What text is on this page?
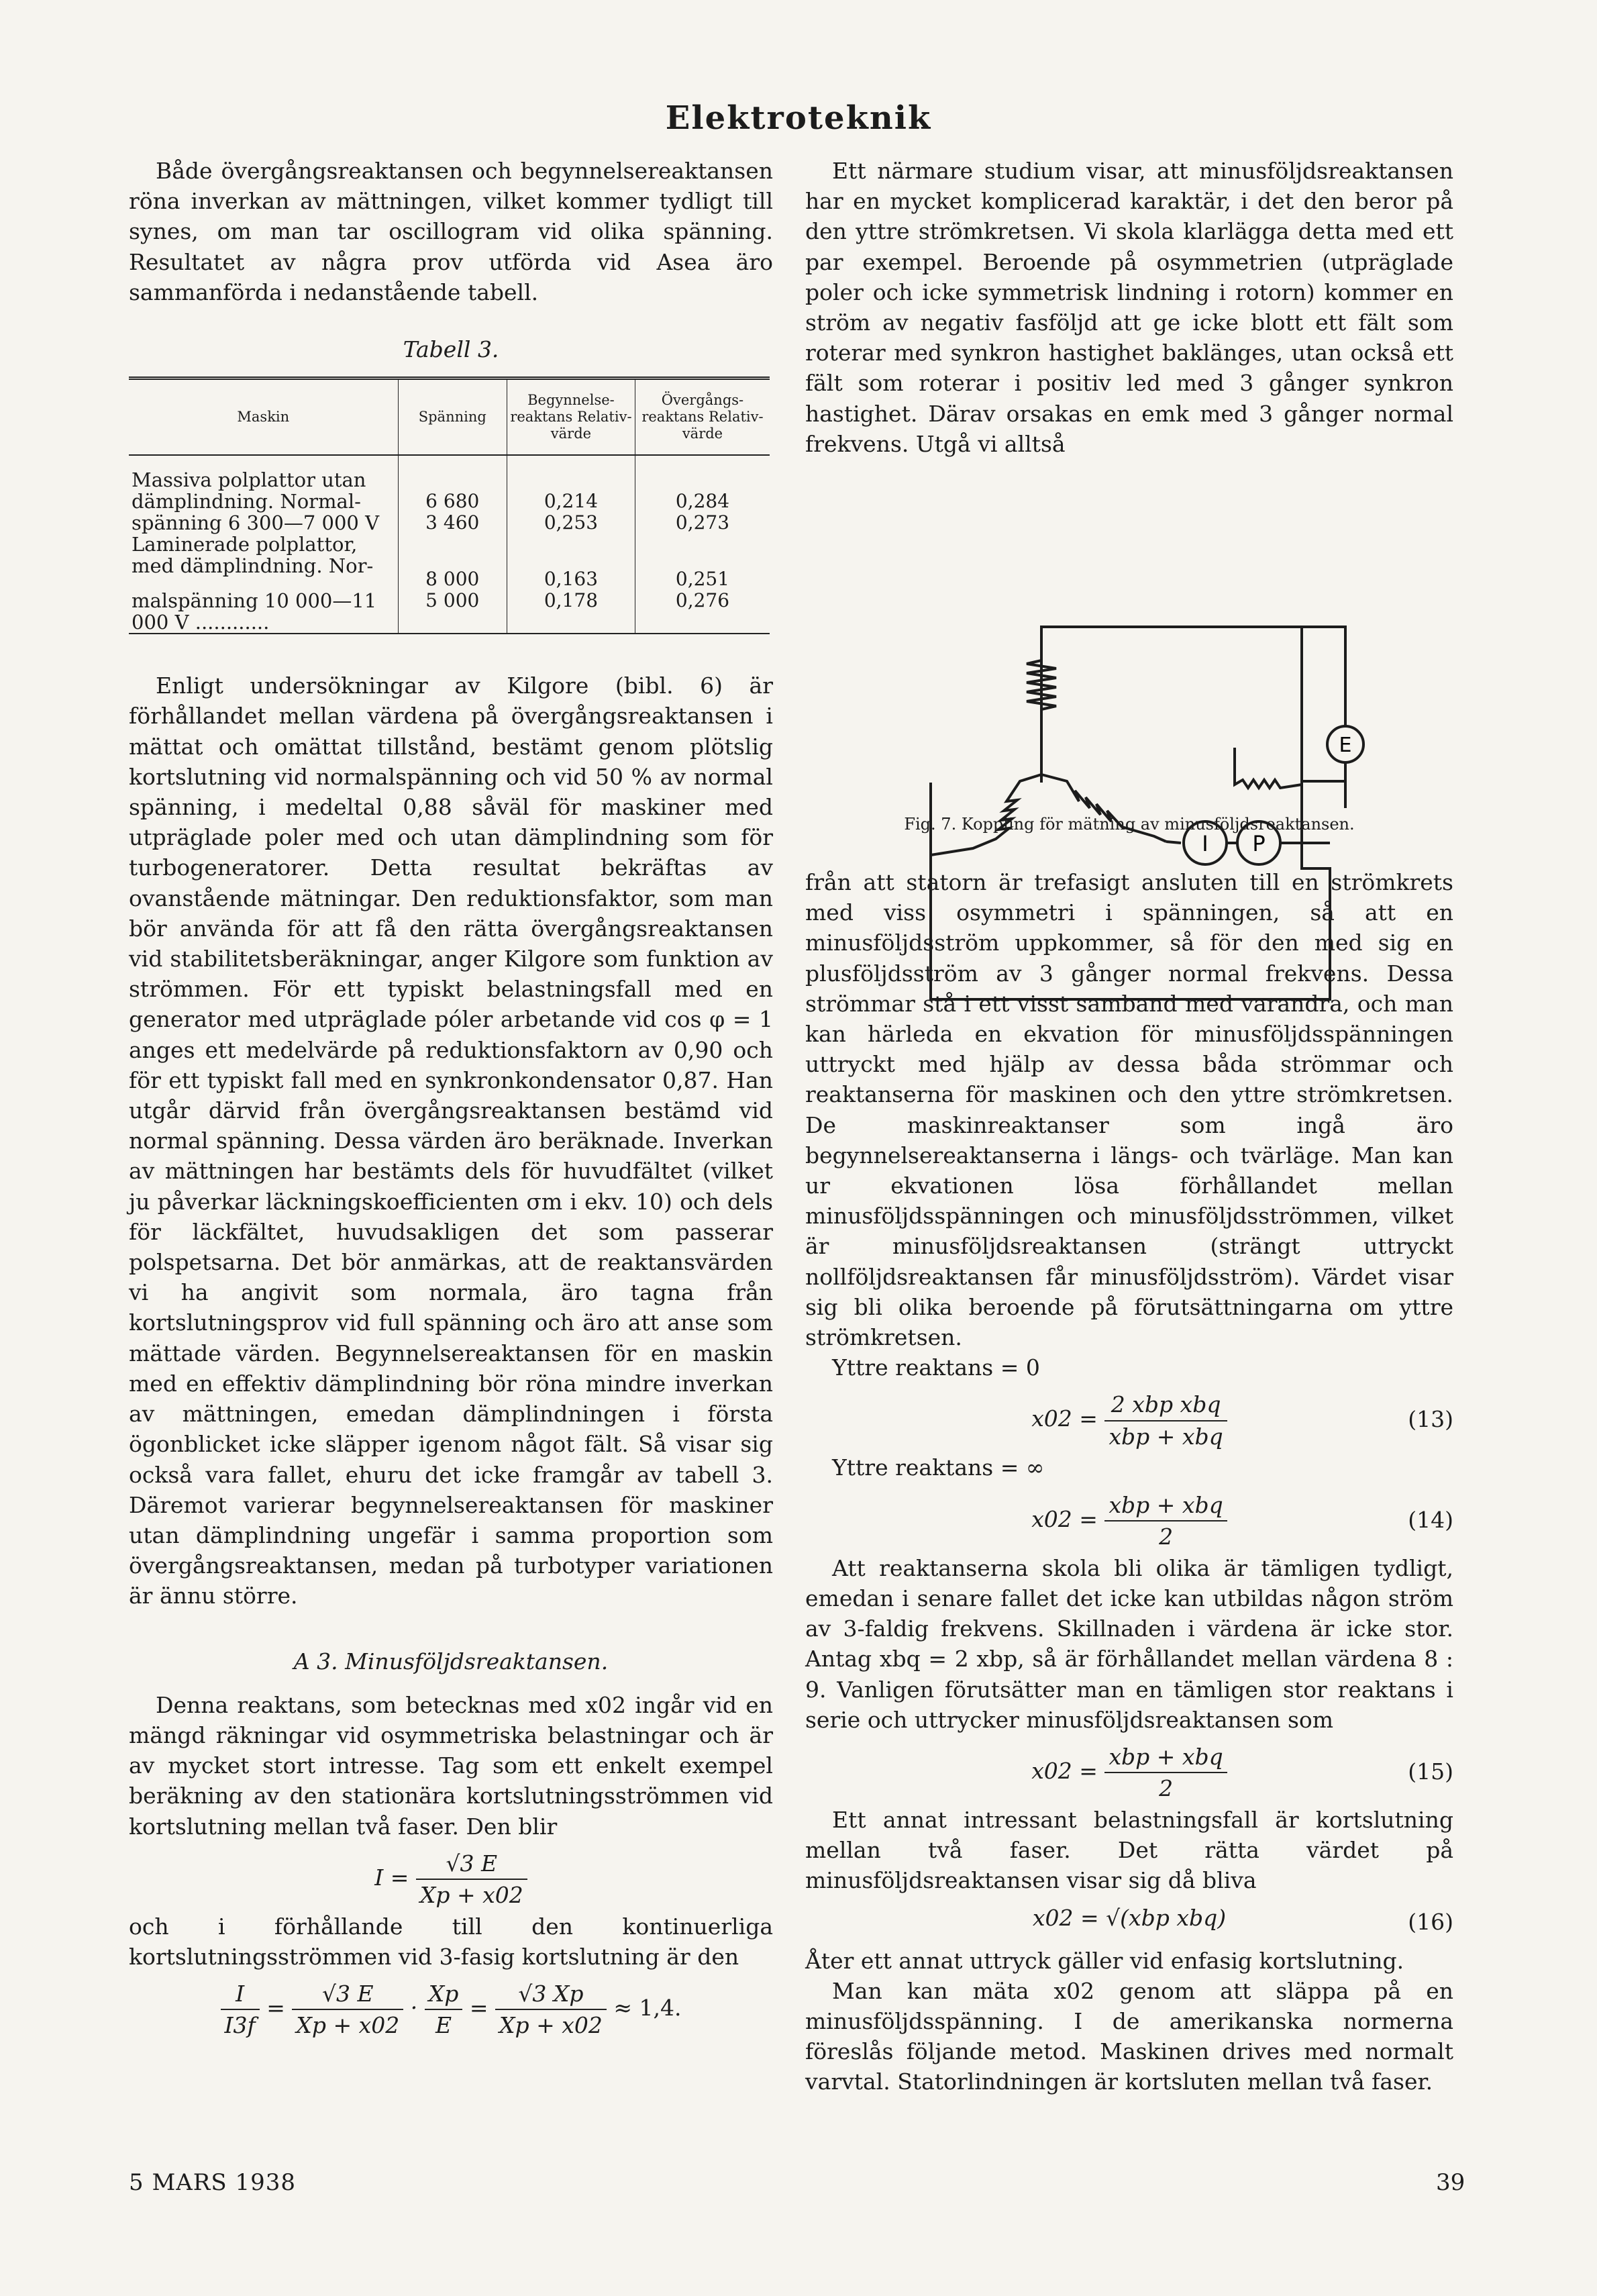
Elektroteknik

Både övergångsreaktansen och begynnelsereaktansen röna inverkan av mättningen, vilket kommer tydligt till synes, om man tar oscillogram vid olika spänning. Resultatet av några prov utförda vid Asea äro sammanförda i nedanstående tabell.

Tabell 3.
Maskin	Spänning	Begynnelse-reaktans Relativ-värde	Övergångs-reaktans Relativ-värde
Massiva polplattor utan dämplindning. Normal-	6 680	0,214	0,284
spänning 6 300—7 000 V	3 460	0,253	0,273
Laminerade polplattor, med dämplindning. Nor-	8 000	0,163	0,251
malspänning 10 000—11 000 V ............	5 000	0,178	0,276

Enligt undersökningar av Kilgore (bibl. 6) är förhållandet mellan värdena på övergångsreaktansen i mättat och omättat tillstånd, bestämt genom plötslig kortslutning vid normalspänning och vid 50 % av normal spänning, i medeltal 0,88 såväl för maskiner med utpräglade poler med och utan dämplindning som för turbogeneratorer. Detta resultat bekräftas av ovanstående mätningar. Den reduktionsfaktor, som man bör använda för att få den rätta övergångsreaktansen vid stabilitetsberäkningar, anger Kilgore som funktion av strömmen. För ett typiskt belastningsfall med en generator med utpräglade póler arbetande vid cos φ = 1 anges ett medelvärde på reduktionsfaktorn av 0,90 och för ett typiskt fall med en synkronkondensator 0,87. Han utgår därvid från övergångsreaktansen bestämd vid normal spänning. Dessa värden äro beräknade. Inverkan av mättningen har bestämts dels för huvudfältet (vilket ju påverkar läckningskoefficienten σm i ekv. 10) och dels för läckfältet, huvudsakligen det som passerar polspetsarna. Det bör anmärkas, att de reaktansvärden vi ha angivit som normala, äro tagna från kortslutningsprov vid full spänning och äro att anse som mättade värden. Begynnelsereaktansen för en maskin med en effektiv dämplindning bör röna mindre inverkan av mättningen, emedan dämplindningen i första ögonblicket icke släpper igenom något fält. Så visar sig också vara fallet, ehuru det icke framgår av tabell 3. Däremot varierar begynnelsereaktansen för maskiner utan dämplindning ungefär i samma proportion som övergångsreaktansen, medan på turbotyper variationen är ännu större.

A 3. Minusföljdsreaktansen.

Denna reaktans, som betecknas med x02 ingår vid en mängd räkningar vid osymmetriska belastningar och är av mycket stort intresse. Tag som ett enkelt exempel beräkning av den stationära kortslutningsströmmen vid kortslutning mellan två faser. Den blir

$I = \frac{√3 E}{Xp + x02}$

och i förhållande till den kontinuerliga kortslutningsströmmen vid 3-fasig kortslutning är den

$\frac{I}{I3f} = \frac{√3 E}{Xp + x02} \cdot \frac{Xp}{E} = \frac{√3 Xp}{Xp + x02} \approx 1,4$.

Ett närmare studium visar, att minusföljdsreaktansen har en mycket komplicerad karaktär, i det den beror på den yttre strömkretsen. Vi skola klarlägga detta med ett par exempel. Beroende på osymmetrien (utpräglade poler och icke symmetrisk lindning i rotorn) kommer en ström av negativ fasföljd att ge icke blott ett fält som roterar med synkron hastighet baklänges, utan också ett fält som roterar i positiv led med 3 gånger synkron hastighet. Därav orsakas en emk med 3 gånger normal frekvens. Utgå vi alltså

I P
E
Fig. 7. Koppling för mätning av minusföljdsreaktansen.

från att statorn är trefasigt ansluten till en strömkrets med viss osymmetri i spänningen, så att en minusföljdsström uppkommer, så för den med sig en plusföljdsström av 3 gånger normal frekvens. Dessa strömmar stå i ett visst samband med varandra, och man kan härleda en ekvation för minusföljdsspänningen uttryckt med hjälp av dessa båda strömmar och reaktanserna för maskinen och den yttre strömkretsen. De maskinreaktanser som ingå äro begynnelsereaktanserna i längs- och tvärläge. Man kan ur ekvationen lösa förhållandet mellan minusföljdsspänningen och minusföljdsströmmen, vilket är minusföljdsreaktansen (strängt uttryckt nollföljdsreaktansen får minusföljdsström). Värdet visar sig bli olika beroende på förutsättningarna om yttre strömkretsen.

Yttre reaktans = 0

$x02 = \frac{\text{2 xbp xbq}}{\text{xbp + xbq}}$	(13)

Yttre reaktans = ∞

$x02 = \frac{\text{xbp + xbq}}{2}$	(14)

Att reaktanserna skola bli olika är tämligen tydligt, emedan i senare fallet det icke kan utbildas någon ström av 3-faldig frekvens. Skillnaden i värdena är icke stor. Antag xbq = 2 xbp, så är förhållandet mellan värdena 8 : 9. Vanligen förutsätter man en tämligen stor reaktans i serie och uttrycker minusföljdsreaktansen som

$x02 = \frac{\text{xbp + xbq}}{2}$	(15)

Ett annat intressant belastningsfall är kortslutning mellan två faser. Det rätta värdet på minusföljdsreaktansen visar sig då bliva

x02 = √(xbp xbq)	(16)

Åter ett annat uttryck gäller vid enfasig kortslutning.

Man kan mäta x02 genom att släppa på en minusföljdsspänning. I de amerikanska normerna föreslås följande metod. Maskinen drives med normalt varvtal. Statorlindningen är kortsluten mellan två faser.

5 MARS 1938	39
